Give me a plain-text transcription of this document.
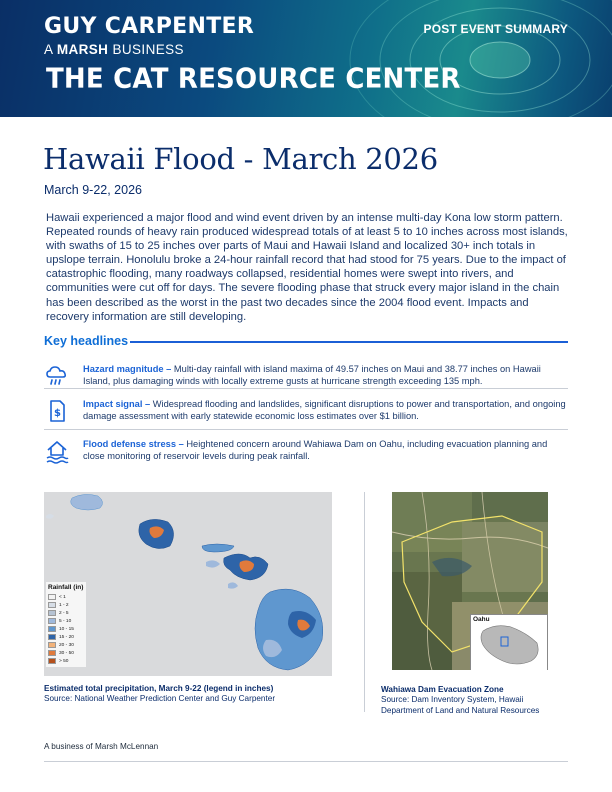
GUY CARPENTER
A MARSH BUSINESS
THE CAT RESOURCE CENTER
POST EVENT SUMMARY
Hawaii Flood - March 2026
March 9-22, 2026
Hawaii experienced a major flood and wind event driven by an intense multi-day Kona low storm pattern. Repeated rounds of heavy rain produced widespread totals of at least 5 to 10 inches across most islands, with swaths of 15 to 25 inches over parts of Maui and Hawaii Island and localized 30+ inch totals in upslope terrain. Honolulu broke a 24-hour rainfall record that had stood for 75 years. Due to the impact of catastrophic flooding, many roadways collapsed, residential homes were swept into rivers, and communities were cut off for days. The severe flooding phase that struck every major island in the chain has been described as the worst in the past two decades since the 2004 flood event. Impacts and recovery information are still developing.
Key headlines
Hazard magnitude – Multi-day rainfall with island maxima of 49.57 inches on Maui and 38.77 inches on Hawaii Island, plus damaging winds with locally extreme gusts at hurricane strength exceeding 135 mph.
$
Impact signal – Widespread flooding and landslides, significant disruptions to power and transportation, and ongoing damage assessment with early statewide economic loss estimates over $1 billion.
Flood defense stress – Heightened concern around Wahiawa Dam on Oahu, including evacuation planning and close monitoring of reservoir levels during peak rainfall.
Rainfall (in)
< 1
1 - 2
2 - 5
5 - 10
10 - 15
15 - 20
20 - 30
30 - 50
> 50
Oahu
Estimated total precipitation, March 9-22 (legend in inches)
Source: National Weather Prediction Center and Guy Carpenter
Wahiawa Dam Evacuation Zone
Source: Dam Inventory System, Hawaii Department of Land and Natural Resources
A business of Marsh McLennan
